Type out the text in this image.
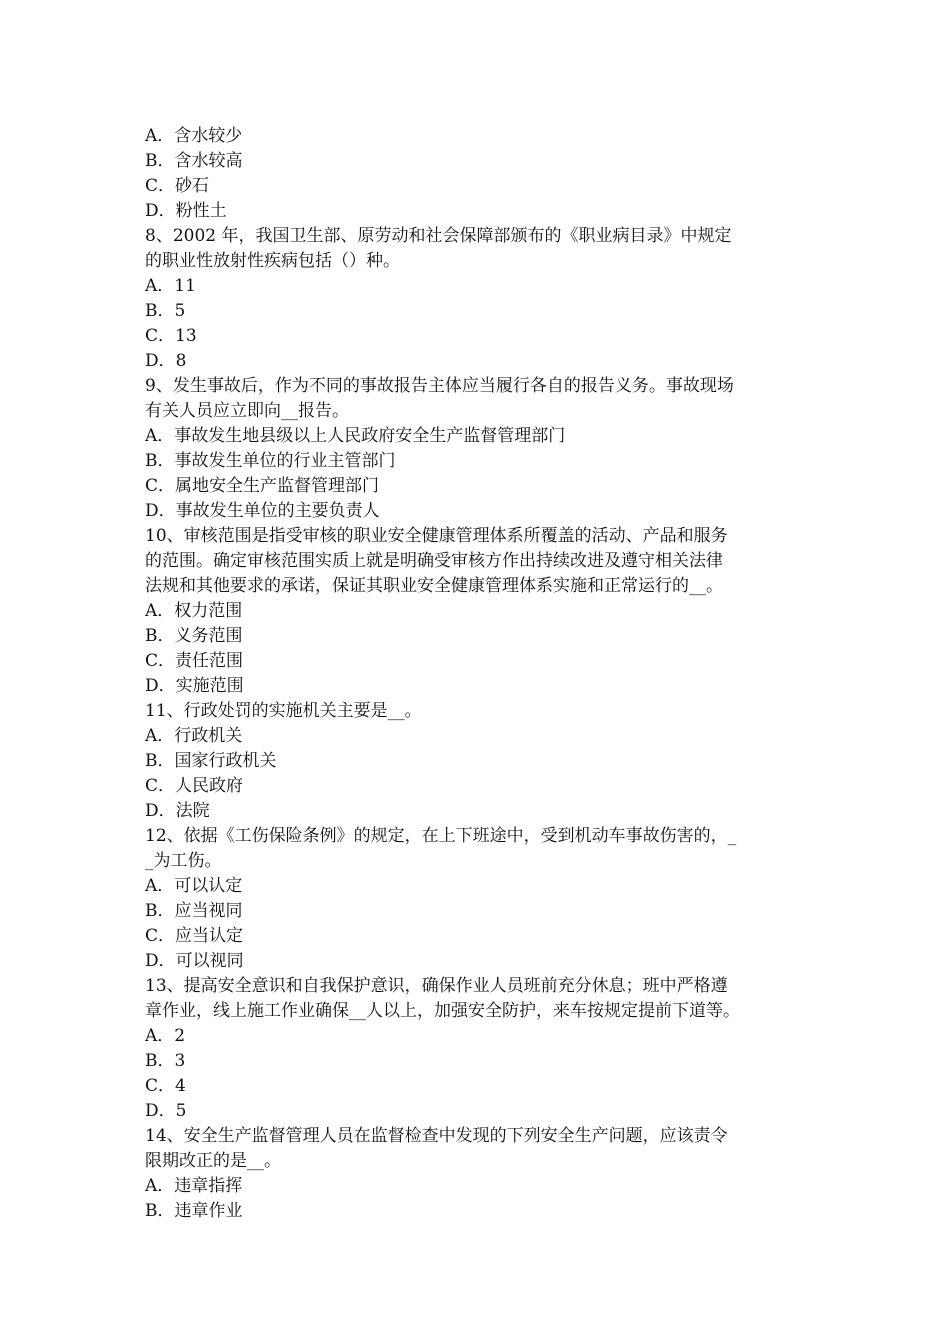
A．含水较少
B．含水较高
C．砂石
D．粉性土
8、2002 年，我国卫生部、原劳动和社会保障部颁布的《职业病目录》中规定
的职业性放射性疾病包括（）种。
A．11
B．5
C．13
D．8
9、发生事故后，作为不同的事故报告主体应当履行各自的报告义务。事故现场
有关人员应立即向__报告。
A．事故发生地县级以上人民政府安全生产监督管理部门
B．事故发生单位的行业主管部门
C．属地安全生产监督管理部门
D．事故发生单位的主要负责人
10、审核范围是指受审核的职业安全健康管理体系所覆盖的活动、产品和服务
的范围。确定审核范围实质上就是明确受审核方作出持续改进及遵守相关法律
法规和其他要求的承诺，保证其职业安全健康管理体系实施和正常运行的__。
A．权力范围
B．义务范围
C．责任范围
D．实施范围
11、行政处罚的实施机关主要是__。
A．行政机关
B．国家行政机关
C．人民政府
D．法院
12、依据《工伤保险条例》的规定，在上下班途中，受到机动车事故伤害的，_
_为工伤。
A．可以认定
B．应当视同
C．应当认定
D．可以视同
13、提高安全意识和自我保护意识，确保作业人员班前充分休息；班中严格遵
章作业，线上施工作业确保__人以上，加强安全防护，来车按规定提前下道等。
A．2
B．3
C．4
D．5
14、安全生产监督管理人员在监督检查中发现的下列安全生产问题，应该责令
限期改正的是__。
A．违章指挥
B．违章作业
